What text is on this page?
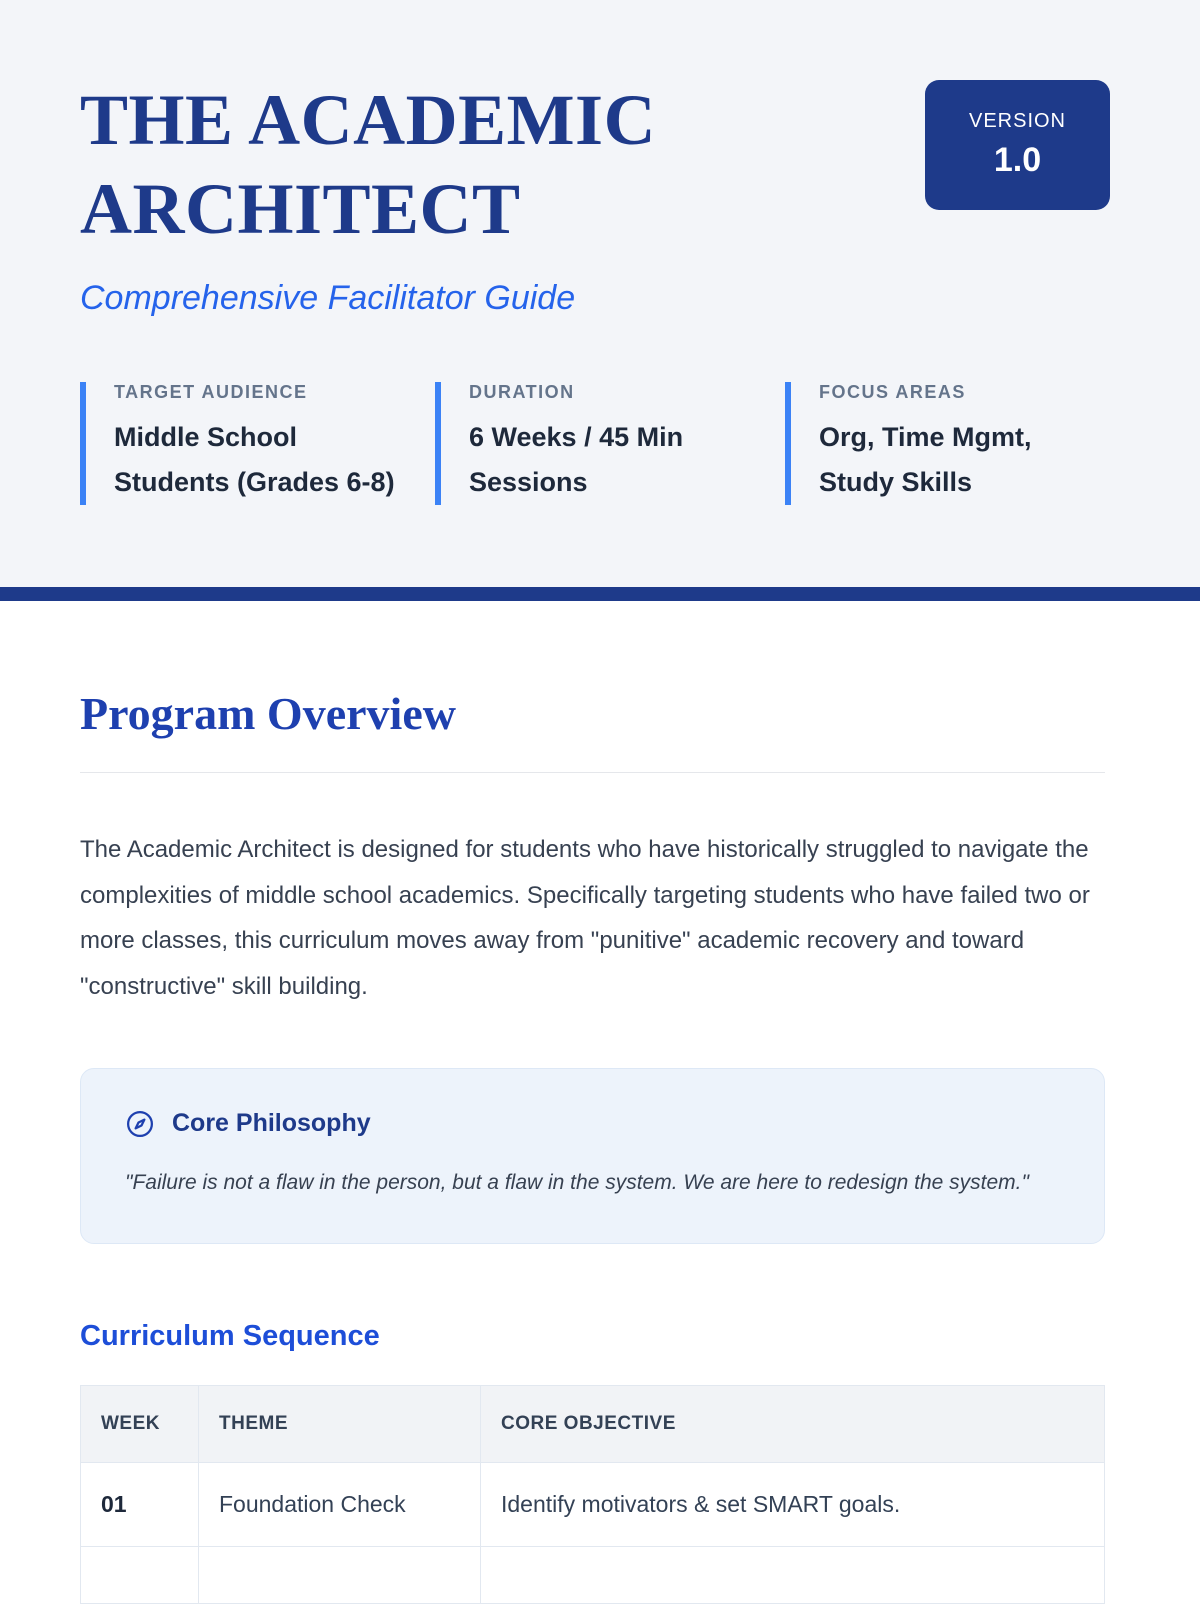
THE ACADEMIC
ARCHITECT
VERSION
1.0
Comprehensive Facilitator Guide
TARGET AUDIENCE
Middle School Students (Grades 6-8)
DURATION
6 Weeks / 45 Min Sessions
FOCUS AREAS
Org, Time Mgmt, Study Skills
Program Overview

The Academic Architect is designed for students who have historically struggled to navigate the complexities of middle school academics. Specifically targeting students who have failed two or more classes, this curriculum moves away from "punitive" academic recovery and toward "constructive" skill building.

Core Philosophy

"Failure is not a flaw in the person, but a flaw in the system. We are here to redesign the system."

Curriculum Sequence
WEEK	THEME	CORE OBJECTIVE
01	Foundation Check	Identify motivators & set SMART goals.
